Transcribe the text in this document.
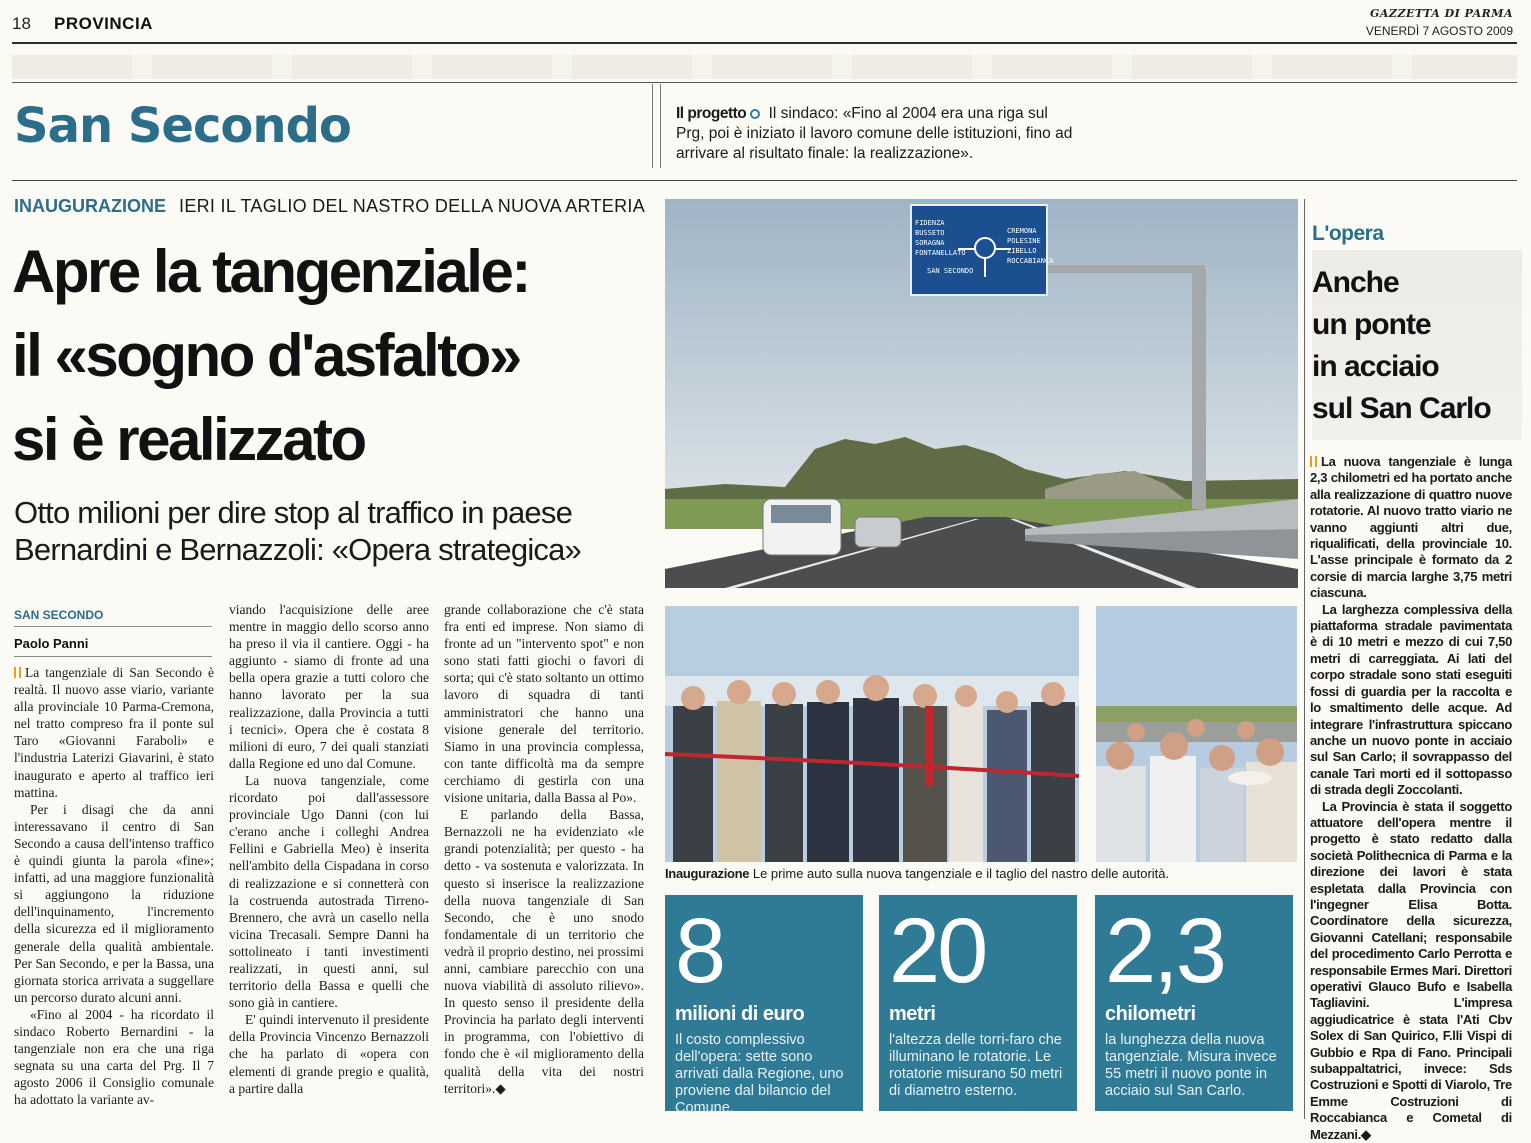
18 PROVINCIA
GAZZETTA DI PARMA
VENERDÌ 7 AGOSTO 2009
San Secondo	Il progetto Il sindaco: «Fino al 2004 era una riga sul Prg, poi è iniziato il lavoro comune delle istituzioni, fino ad arrivare al risultato finale: la realizzazione».
INAUGURAZIONE IERI IL TAGLIO DEL NASTRO DELLA NUOVA ARTERIA
Apre la tangenziale:
il «sogno d'asfalto»
si è realizzato
Otto milioni per dire stop al traffico in paese
Bernardini e Bernazzoli: «Opera strategica»
SAN SECONDO
Paolo Panni

La tangenziale di San Secondo è realtà. Il nuovo asse viario, variante alla provinciale 10 Parma-Cremona, nel tratto compreso fra il ponte sul Taro «Giovanni Faraboli» e l'industria Laterizi Giavarini, è stato inaugurato e aperto al traffico ieri mattina.

Per i disagi che da anni interessavano il centro di San Secondo a causa dell'intenso traffico è quindi giunta la parola «fine»; infatti, ad una maggiore funzionalità si aggiungono la riduzione dell'inquinamento, l'incremento della sicurezza ed il miglioramento generale della qualità ambientale. Per San Secondo, e per la Bassa, una giornata storica arrivata a suggellare un percorso durato alcuni anni.

«Fino al 2004 - ha ricordato il sindaco Roberto Bernardini - la tangenziale non era che una riga segnata su una carta del Prg. Il 7 agosto 2006 il Consiglio comunale ha adottato la variante av-

viando l'acquisizione delle aree mentre in maggio dello scorso anno ha preso il via il cantiere. Oggi - ha aggiunto - siamo di fronte ad una bella opera grazie a tutti coloro che hanno lavorato per la sua realizzazione, dalla Provincia a tutti i tecnici». Opera che è costata 8 milioni di euro, 7 dei quali stanziati dalla Regione ed uno dal Comune.

La nuova tangenziale, come ricordato poi dall'assessore provinciale Ugo Danni (con lui c'erano anche i colleghi Andrea Fellini e Gabriella Meo) è inserita nell'ambito della Cispadana in corso di realizzazione e si connetterà con la costruenda autostrada Tirreno-Brennero, che avrà un casello nella vicina Trecasali. Sempre Danni ha sottolineato i tanti investimenti realizzati, in questi anni, sul territorio della Bassa e quelli che sono già in cantiere.

E' quindi intervenuto il presidente della Provincia Vincenzo Bernazzoli che ha parlato di «opera con elementi di grande pregio e qualità, a partire dalla

grande collaborazione che c'è stata fra enti ed imprese. Non siamo di fronte ad un "intervento spot" e non sono stati fatti giochi o favori di sorta; qui c'è stato soltanto un ottimo lavoro di squadra di tanti amministratori che hanno una visione generale del territorio. Siamo in una provincia complessa, con tante difficoltà ma da sempre cerchiamo di gestirla con una visione unitaria, dalla Bassa al Po».

E parlando della Bassa, Bernazzoli ne ha evidenziato «le grandi potenzialità; per questo - ha detto - va sostenuta e valorizzata. In questo si inserisce la realizzazione della nuova tangenziale di San Secondo, che è uno snodo fondamentale di un territorio che vedrà il proprio destino, nei prossimi anni, cambiare parecchio con una nuova viabilità di assoluto rilievo». In questo senso il presidente della Provincia ha parlato degli interventi in programma, con l'obiettivo di fondo che è «il miglioramento della qualità della vita dei nostri territori».◆

FIDENZA
BUSSETO
SORAGNA
FONTANELLATO
CREMONA
POLESINE
ZIBELLO
ROCCABIANCA
SAN SECONDO
Inaugurazione Le prime auto sulla nuova tangenziale e il taglio del nastro delle autorità.
8
milioni di euro
Il costo complessivo dell'opera: sette sono arrivati dalla Regione, uno proviene dal bilancio del Comune.
20
metri
l'altezza delle torri-faro che illuminano le rotatorie. Le rotatorie misurano 50 metri di diametro esterno.
2,3
chilometri
la lunghezza della nuova tangenziale. Misura invece 55 metri il nuovo ponte in acciaio sul San Carlo.
L'opera
Anche
un ponte
in acciaio
sul San Carlo

La nuova tangenziale è lunga 2,3 chilometri ed ha portato anche alla realizzazione di quattro nuove rotatorie. Al nuovo tratto viario ne vanno aggiunti altri due, riqualificati, della provinciale 10. L'asse principale è formato da 2 corsie di marcia larghe 3,75 metri ciascuna.

La larghezza complessiva della piattaforma stradale pavimentata è di 10 metri e mezzo di cui 7,50 metri di carreggiata. Ai lati del corpo stradale sono stati eseguiti fossi di guardia per la raccolta e lo smaltimento delle acque. Ad integrare l'infrastruttura spiccano anche un nuovo ponte in acciaio sul San Carlo; il sovrappasso del canale Tari morti ed il sottopasso di strada degli Zoccolanti.

La Provincia è stata il soggetto attuatore dell'opera mentre il progetto è stato redatto dalla società Polithecnica di Parma e la direzione dei lavori è stata espletata dalla Provincia con l'ingegner Elisa Botta. Coordinatore della sicurezza, Giovanni Catellani; responsabile del procedimento Carlo Perrotta e responsabile Ermes Mari. Direttori operativi Glauco Bufo e Isabella Tagliavini. L'impresa aggiudicatrice è stata l'Ati Cbv Solex di San Quirico, F.lli Vispi di Gubbio e Rpa di Fano. Principali subappaltatrici, invece: Sds Costruzioni e Spotti di Viarolo, Tre Emme Costruzioni di Roccabianca e Cometal di Mezzani.◆
